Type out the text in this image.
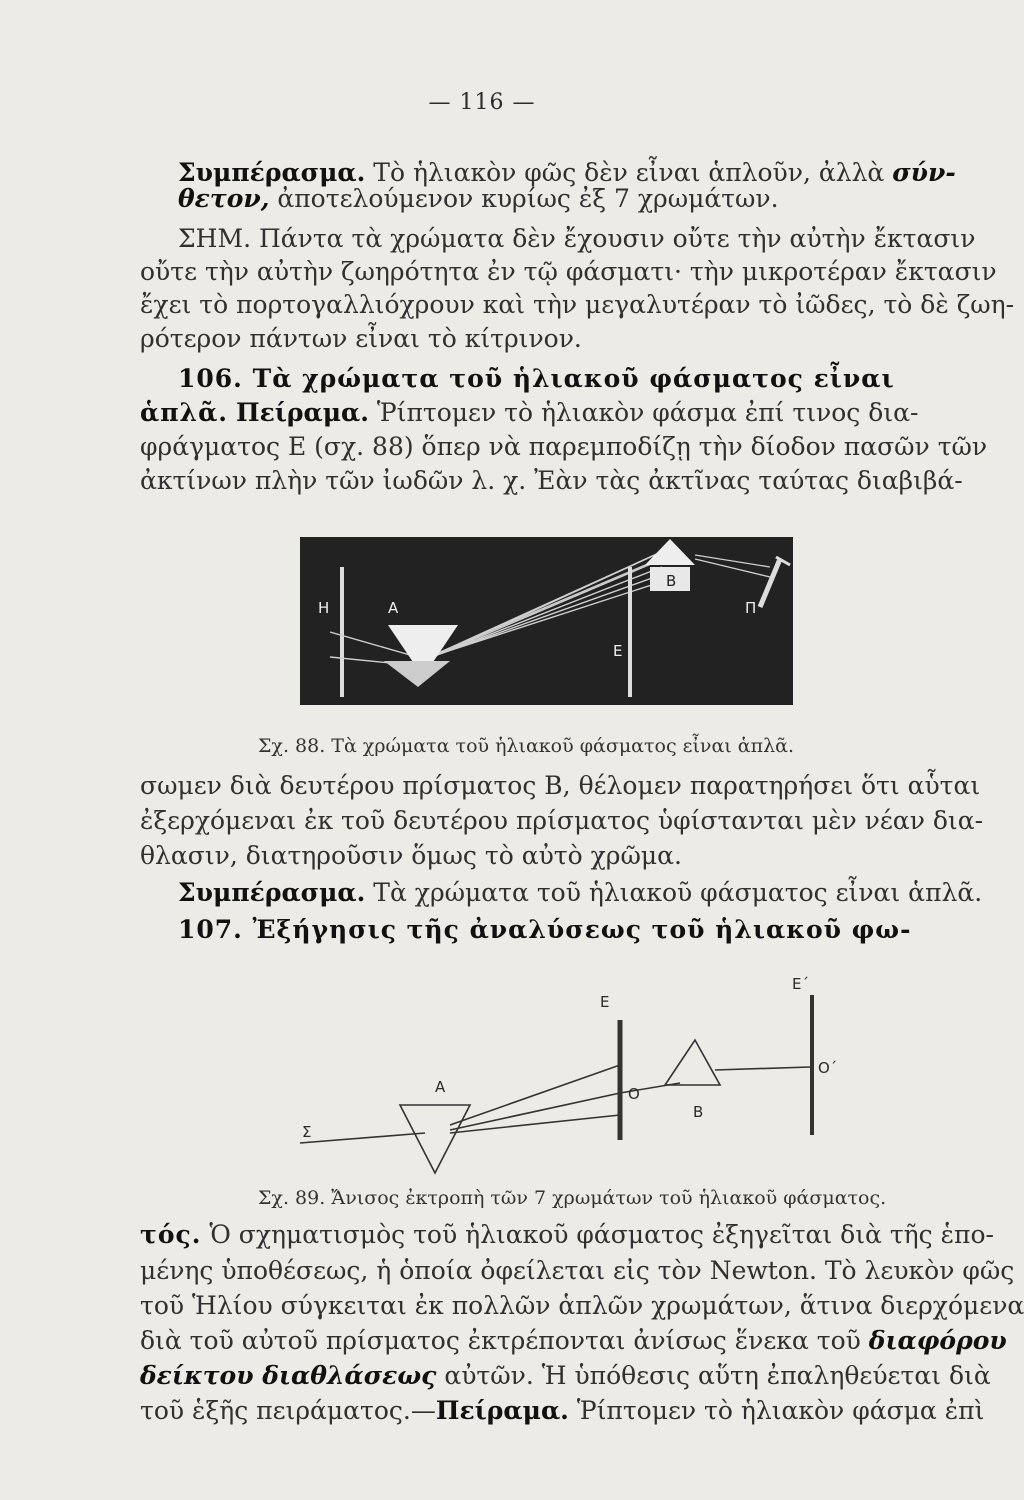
— 116 —
Συμπέρασμα. Τὸ ἡλιακὸν φῶς δὲν εἶναι ἁπλοῦν, ἀλλὰ σύν-
θετον, ἀποτελούμενον κυρίως ἐξ 7 χρωμάτων.
ΣΗΜ. Πάντα τὰ χρώματα δὲν ἔχουσιν οὔτε τὴν αὐτὴν ἔκτασιν
οὔτε τὴν αὐτὴν ζωηρότητα ἐν τῷ φάσματι· τὴν μικροτέραν ἔκτασιν
ἔχει τὸ πορτογαλλιόχρουν καὶ τὴν μεγαλυτέραν τὸ ἰῶδες, τὸ δὲ ζωη-
ρότερον πάντων εἶναι τὸ κίτρινον.
106. Τὰ χρώματα τοῦ ἡλιακοῦ φάσματος εἶναι
ἁπλᾶ. Πείραμα. Ῥίπτομεν τὸ ἡλιακὸν φάσμα ἐπί τινος δια-
φράγματος Ε (σχ. 88) ὅπερ νὰ παρεμποδίζῃ τὴν δίοδον πασῶν τῶν
ἀκτίνων πλὴν τῶν ἰωδῶν λ. χ. Ἐὰν τὰς ἀκτῖνας ταύτας διαβιβά-
σωμεν διὰ δευτέρου πρίσματος Β, θέλομεν παρατηρήσει ὅτι αὗται
ἐξερχόμεναι ἐκ τοῦ δευτέρου πρίσματος ὑφίστανται μὲν νέαν δια-
θλασιν, διατηροῦσιν ὅμως τὸ αὐτὸ χρῶμα.
Συμπέρασμα. Τὰ χρώματα τοῦ ἡλιακοῦ φάσματος εἶναι ἁπλᾶ.
107. Ἐξήγησις τῆς ἀναλύσεως τοῦ ἡλιακοῦ φω-
τός. Ὁ σχηματισμὸς τοῦ ἡλιακοῦ φάσματος ἐξηγεῖται διὰ τῆς ἑπο-
μένης ὑποθέσεως, ἡ ὁποία ὀφείλεται εἰς τὸν Newton. Τὸ λευκὸν φῶς
τοῦ Ἡλίου σύγκειται ἐκ πολλῶν ἁπλῶν χρωμάτων, ἅτινα διερχόμενα
διὰ τοῦ αὐτοῦ πρίσματος ἐκτρέπονται ἀνίσως ἕνεκα τοῦ διαφόρου
δείκτου διαθλάσεως αὐτῶν. Ἡ ὑπόθεσις αὕτη ἐπαληθεύεται διὰ
τοῦ ἑξῆς πειράματος.—Πείραμα. Ῥίπτομεν τὸ ἡλιακὸν φάσμα ἐπὶ
Η	Α
Ε
Β
Π
Σχ. 88. Τὰ χρώματα τοῦ ἡλιακοῦ φάσματος εἶναι ἁπλᾶ.
Σ
Α
Ε
Ο
Β
Ε΄
Ο΄
Σχ. 89. Ἄνισος ἐκτροπὴ τῶν 7 χρωμάτων τοῦ ἡλιακοῦ φάσματος.
